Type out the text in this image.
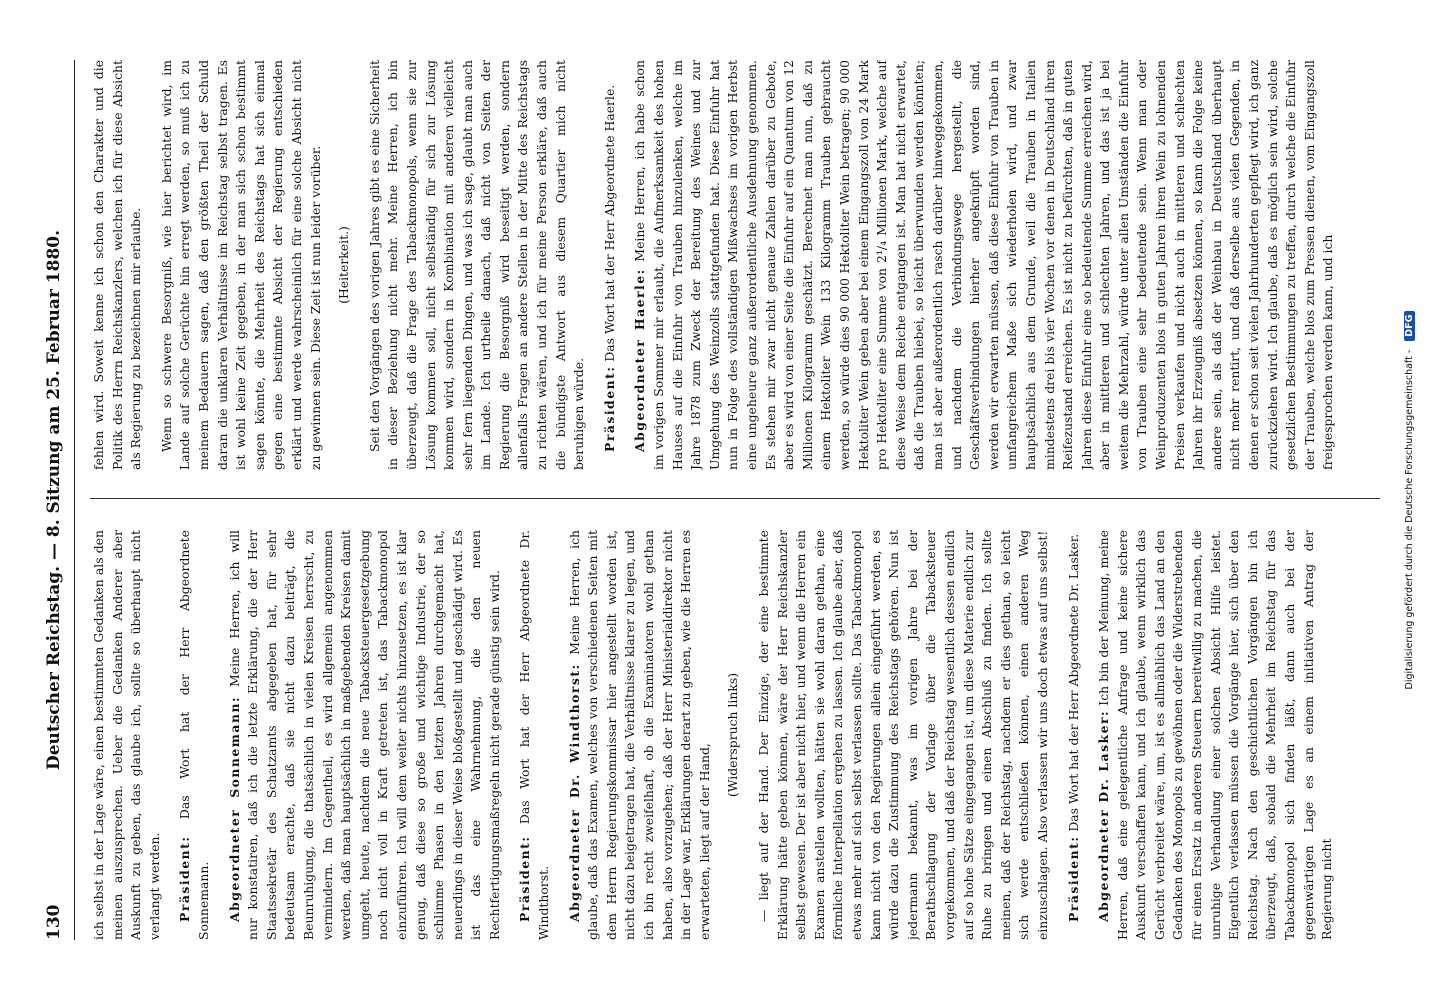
130
Deutscher Reichstag. — 8. Sitzung am 25. Februar 1880. ich selbst in der Lage wäre, einen bestimmten Gedanken als den meinen auszusprechen. Ueber die Gedanken Anderer aber Auskunft zu geben, das glaube ich, sollte so überhaupt nicht verlangt werden. Präsident: Das Wort hat der Herr Abgeordnete Sonnemann. Abgeordneter Sonnemann: Meine Herren, ich will nur konstatiren, daß ich die letzte Erklärung, die der Herr Staatssekretär des Schatzamts abgegeben hat, für sehr bedeutsam erachte, daß sie nicht dazu beiträgt, die Beunruhigung, die thatsächlich in vielen Kreisen herrscht, zu vermindern. Im Gegentheil, es wird allgemein angenommen werden, daß man hauptsächlich in maßgebenden Kreisen damit umgeht, heute, nachdem die neue Tabacksteuergesetzgebung noch nicht voll in Kraft getreten ist, das Tabackmonopol einzuführen. Ich will dem weiter nichts hinzusetzen, es ist klar genug, daß diese so große und wichtige Industrie, der so schlimme Phasen in den letzten Jahren durchgemacht hat, neuerdings in dieser Weise bloßgestellt und geschädigt wird. Es ist das eine Wahrnehmung, die den neuen Rechtfertigungsmaßregeln nicht gerade günstig sein wird. Präsident: Das Wort hat der Herr Abgeordnete Dr. Windthorst. Abgeordneter Dr. Windthorst: Meine Herren, ich glaube, daß das Examen, welches von verschiedenen Seiten mit dem Herrn Regierungskommissar hier angestellt worden ist, nicht dazu beigetragen hat, die Verhältnisse klarer zu legen, und ich bin recht zweifelhaft, ob die Examinatoren wohl gethan haben, also vorzugehen; daß der Herr Ministerialdirektor nicht in der Lage war, Erklärungen derart zu geben, wie die Herren es erwarteten, liegt auf der Hand,

(Widerspruch links) — liegt auf der Hand. Der Einzige, der eine bestimmte Erklärung hätte geben können, wäre der Herr Reichskanzler selbst gewesen. Der ist aber nicht hier, und wenn die Herren ein Examen anstellen wollten, hätten sie wohl daran gethan, eine förmliche Interpellation ergehen zu lassen. Ich glaube aber, daß etwas mehr auf sich selbst verlassen sollte. Das Tabackmonopol kann nicht von den Regierungen allein eingeführt werden, es würde dazu die Zustimmung des Reichstags gehören. Nun ist jedermann bekannt, was im vorigen Jahre bei der Berathschlagung der Vorlage über die Tabacksteuer vorgekommen, und daß der Reichstag wesentlich dessen endlich auf so hohe Sätze eingegangen ist, um diese Materie endlich zur Ruhe zu bringen und einen Abschluß zu finden. Ich sollte meinen, daß der Reichstag, nachdem er dies gethan, so leicht sich werde entschließen können, einen anderen Weg einzuschlagen. Also verlassen wir uns doch etwas auf uns selbst! Präsident: Das Wort hat der Herr Abgeordnete Dr. Lasker. Abgeordneter Dr. Lasker: Ich bin der Meinung, meine Herren, daß eine gelegentliche Anfrage und keine sichere Auskunft verschaffen kann, und ich glaube, wenn wirklich das Gerücht verbreitet wäre, um, ist es allmählich das Land an den Gedanken des Monopols zu gewöhnen oder die Widerstrebenden für einen Ersatz in anderen Steuern bereitwillig zu machen, die unruhige Verhandlung einer solchen Absicht Hilfe leistet. Eigentlich verlassen müssen die Vorgänge hier, sich über den Reichstag. Nach den geschichtlichen Vorgängen bin ich überzeugt, daß, sobald die Mehrheit im Reichstag für das Tabackmonopol sich finden läßt, dann auch bei der gegenwärtigen Lage es an einem initiativen Antrag der Regierung nicht

fehlen wird. Soweit kenne ich schon den Charakter und die Politik des Herrn Reichskanzlers, welchen ich für diese Absicht als Regierung zu bezeichnen mir erlaube. Wenn so schwere Besorgniß, wie hier berichtet wird, im Lande auf solche Gerüchte hin erregt werden, so muß ich zu meinem Bedauern sagen, daß den größten Theil der Schuld daran die unklaren Verhältnisse im Reichstag selbst tragen. Es ist wohl keine Zeit gegeben, in der man sich schon bestimmt sagen könnte, die Mehrheit des Reichstags hat sich einmal gegen eine bestimmte Absicht der Regierung entschieden erklärt und werde wahrscheinlich für eine solche Absicht nicht zu gewinnen sein. Diese Zeit ist nun leider vorüber. (Heiterkeit.) Seit den Vorgängen des vorigen Jahres gibt es eine Sicherheit in dieser Beziehung nicht mehr. Meine Herren, ich bin überzeugt, daß die Frage des Tabackmonopols, wenn sie zur Lösung kommen soll, nicht selbständig für sich zur Lösung kommen wird, sondern in Kombination mit anderen vielleicht sehr fern liegenden Dingen, und was ich sage, glaubt man auch im Lande. Ich urtheile danach, daß nicht von Seiten der Regierung die Besorgniß wird beseitigt werden, sondern allenfalls Fragen an andere Stellen in der Mitte des Reichstags zu richten wären, und ich für meine Person erkläre, daß auch die bündigste Antwort aus diesem Quartier mich nicht beruhigen würde. Präsident: Das Wort hat der Herr Abgeordnete Haerle. Abgeordneter Haerle: Meine Herren, ich habe schon im vorigen Sommer mir erlaubt, die Aufmerksamkeit des hohen Hauses auf die Einfuhr von Trauben hinzulenken, welche im Jahre 1878 zum Zweck der Bereitung des Weines und zur Umgehung des Weinzolls stattgefunden hat. Diese Einfuhr hat nun in Folge des vollständigen Mißwachses im vorigen Herbst eine ungeheure ganz außerordentliche Ausdehnung genommen. Es stehen mir zwar nicht genaue Zahlen darüber zu Gebote, aber es wird von einer Seite die Einfuhr auf ein Quantum von 12 Millionen Kilogramm geschätzt. Berechnet man nun, daß zu einem Hektoliter Wein 133 Kilogramm Trauben gebraucht werden, so würde dies 90 000 Hektoliter Wein betragen; 90 000 Hektoliter Wein geben aber bei einem Eingangszoll von 24 Mark pro Hektoliter eine Summe von 2¹/₄ Millionen Mark, welche auf diese Weise dem Reiche entgangen ist. Man hat nicht erwartet, daß die Trauben hiebei, so leicht überwunden werden könnten; man ist aber außerordentlich rasch darüber hinweggekommen, und nachdem die Verbindungswege hergestellt, die Geschäftsverbindungen hierher angeknüpft worden sind, werden wir erwarten müssen, daß diese Einfuhr von Trauben in umfangreichem Maße sich wiederholen wird, und zwar hauptsächlich aus dem Grunde, weil die Trauben in Italien mindestens drei bis vier Wochen vor denen in Deutschland ihren Reifezustand erreichen. Es ist nicht zu befürchten, daß in guten Jahren diese Einfuhr eine so bedeutende Summe erreichen wird, aber in mittleren und schlechten Jahren, und das ist ja bei weitem die Mehrzahl, würde unter allen Umständen die Einfuhr von Trauben eine sehr bedeutende sein. Wenn man oder Weinproduzenten blos in guten Jahren ihren Wein zu lohnenden Preisen verkaufen und nicht auch in mittleren und schlechten Jahren ihr Erzeugniß absetzen können, so kann die Folge keine andere sein, als daß der Weinbau in Deutschland überhaupt nicht mehr rentirt, und daß derselbe aus vielen Gegenden, in denen er schon seit vielen Jahrhunderten gepflegt wird, ich ganz zurückziehen wird. Ich glaube, daß es möglich sein wird, solche gesetzlichen Bestimmungen zu treffen, durch welche die Einfuhr der Trauben, welche blos zum Pressen dienen, vom Eingangszoll freigesprochen werden kann, und ich	Digitalisierung gefördert durch die Deutsche Forschungsgemeinschaft - DFG
